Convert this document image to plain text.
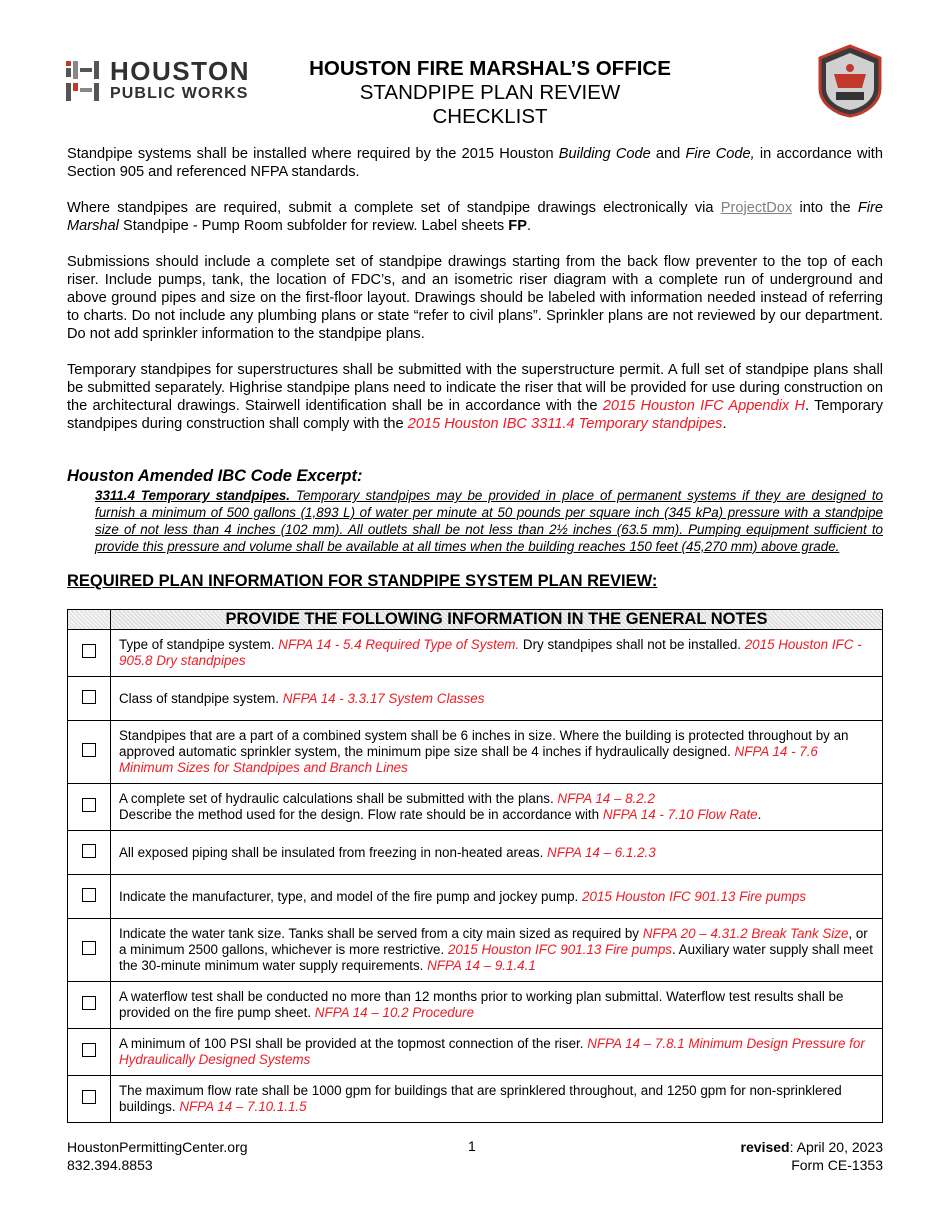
HOUSTON
PUBLIC WORKS
HOUSTON FIRE MARSHAL’S OFFICE
STANDPIPE PLAN REVIEW CHECKLIST
Standpipe systems shall be installed where required by the 2015 Houston Building Code and Fire Code, in accordance with Section 905 and referenced NFPA standards.
Where standpipes are required, submit a complete set of standpipe drawings electronically via ProjectDox into the Fire Marshal Standpipe - Pump Room subfolder for review. Label sheets FP.
Submissions should include a complete set of standpipe drawings starting from the back flow preventer to the top of each riser. Include pumps, tank, the location of FDC’s, and an isometric riser diagram with a complete run of underground and above ground pipes and size on the first-floor layout. Drawings should be labeled with information needed instead of referring to charts. Do not include any plumbing plans or state “refer to civil plans”. Sprinkler plans are not reviewed by our department. Do not add sprinkler information to the standpipe plans.
Temporary standpipes for superstructures shall be submitted with the superstructure permit. A full set of standpipe plans shall be submitted separately. Highrise standpipe plans need to indicate the riser that will be provided for use during construction on the architectural drawings. Stairwell identification shall be in accordance with the 2015 Houston IFC Appendix H. Temporary standpipes during construction shall comply with the 2015 Houston IBC 3311.4 Temporary standpipes.
Houston Amended IBC Code Excerpt:
3311.4 Temporary standpipes. Temporary standpipes may be provided in place of permanent systems if they are designed to furnish a minimum of 500 gallons (1,893 L) of water per minute at 50 pounds per square inch (345 kPa) pressure with a standpipe size of not less than 4 inches (102 mm). All outlets shall be not less than 2½ inches (63.5 mm). Pumping equipment sufficient to provide this pressure and volume shall be available at all times when the building reaches 150 feet (45,270 mm) above grade.
REQUIRED PLAN INFORMATION FOR STANDPIPE SYSTEM PLAN REVIEW:
	PROVIDE THE FOLLOWING INFORMATION IN THE GENERAL NOTES
	Type of standpipe system. NFPA 14 - 5.4 Required Type of System. Dry standpipes shall not be installed. 2015 Houston IFC - 905.8 Dry standpipes
	Class of standpipe system. NFPA 14 - 3.3.17 System Classes
	Standpipes that are a part of a combined system shall be 6 inches in size. Where the building is protected throughout by an approved automatic sprinkler system, the minimum pipe size shall be 4 inches if hydraulically designed. NFPA 14 - 7.6 Minimum Sizes for Standpipes and Branch Lines
	A complete set of hydraulic calculations shall be submitted with the plans. NFPA 14 – 8.2.2
Describe the method used for the design. Flow rate should be in accordance with NFPA 14 - 7.10 Flow Rate.
	All exposed piping shall be insulated from freezing in non-heated areas. NFPA 14 – 6.1.2.3
	Indicate the manufacturer, type, and model of the fire pump and jockey pump. 2015 Houston IFC 901.13 Fire pumps
	Indicate the water tank size. Tanks shall be served from a city main sized as required by NFPA 20 – 4.31.2 Break Tank Size, or a minimum 2500 gallons, whichever is more restrictive. 2015 Houston IFC 901.13 Fire pumps. Auxiliary water supply shall meet the 30-minute minimum water supply requirements. NFPA 14 – 9.1.4.1
	A waterflow test shall be conducted no more than 12 months prior to working plan submittal. Waterflow test results shall be provided on the fire pump sheet. NFPA 14 – 10.2 Procedure
	A minimum of 100 PSI shall be provided at the topmost connection of the riser. NFPA 14 – 7.8.1 Minimum Design Pressure for Hydraulically Designed Systems
	The maximum flow rate shall be 1000 gpm for buildings that are sprinklered throughout, and 1250 gpm for non-sprinklered buildings. NFPA 14 – 7.10.1.1.5
HoustonPermittingCenter.org
832.394.8853
1	revised: April 20, 2023
Form CE-1353
